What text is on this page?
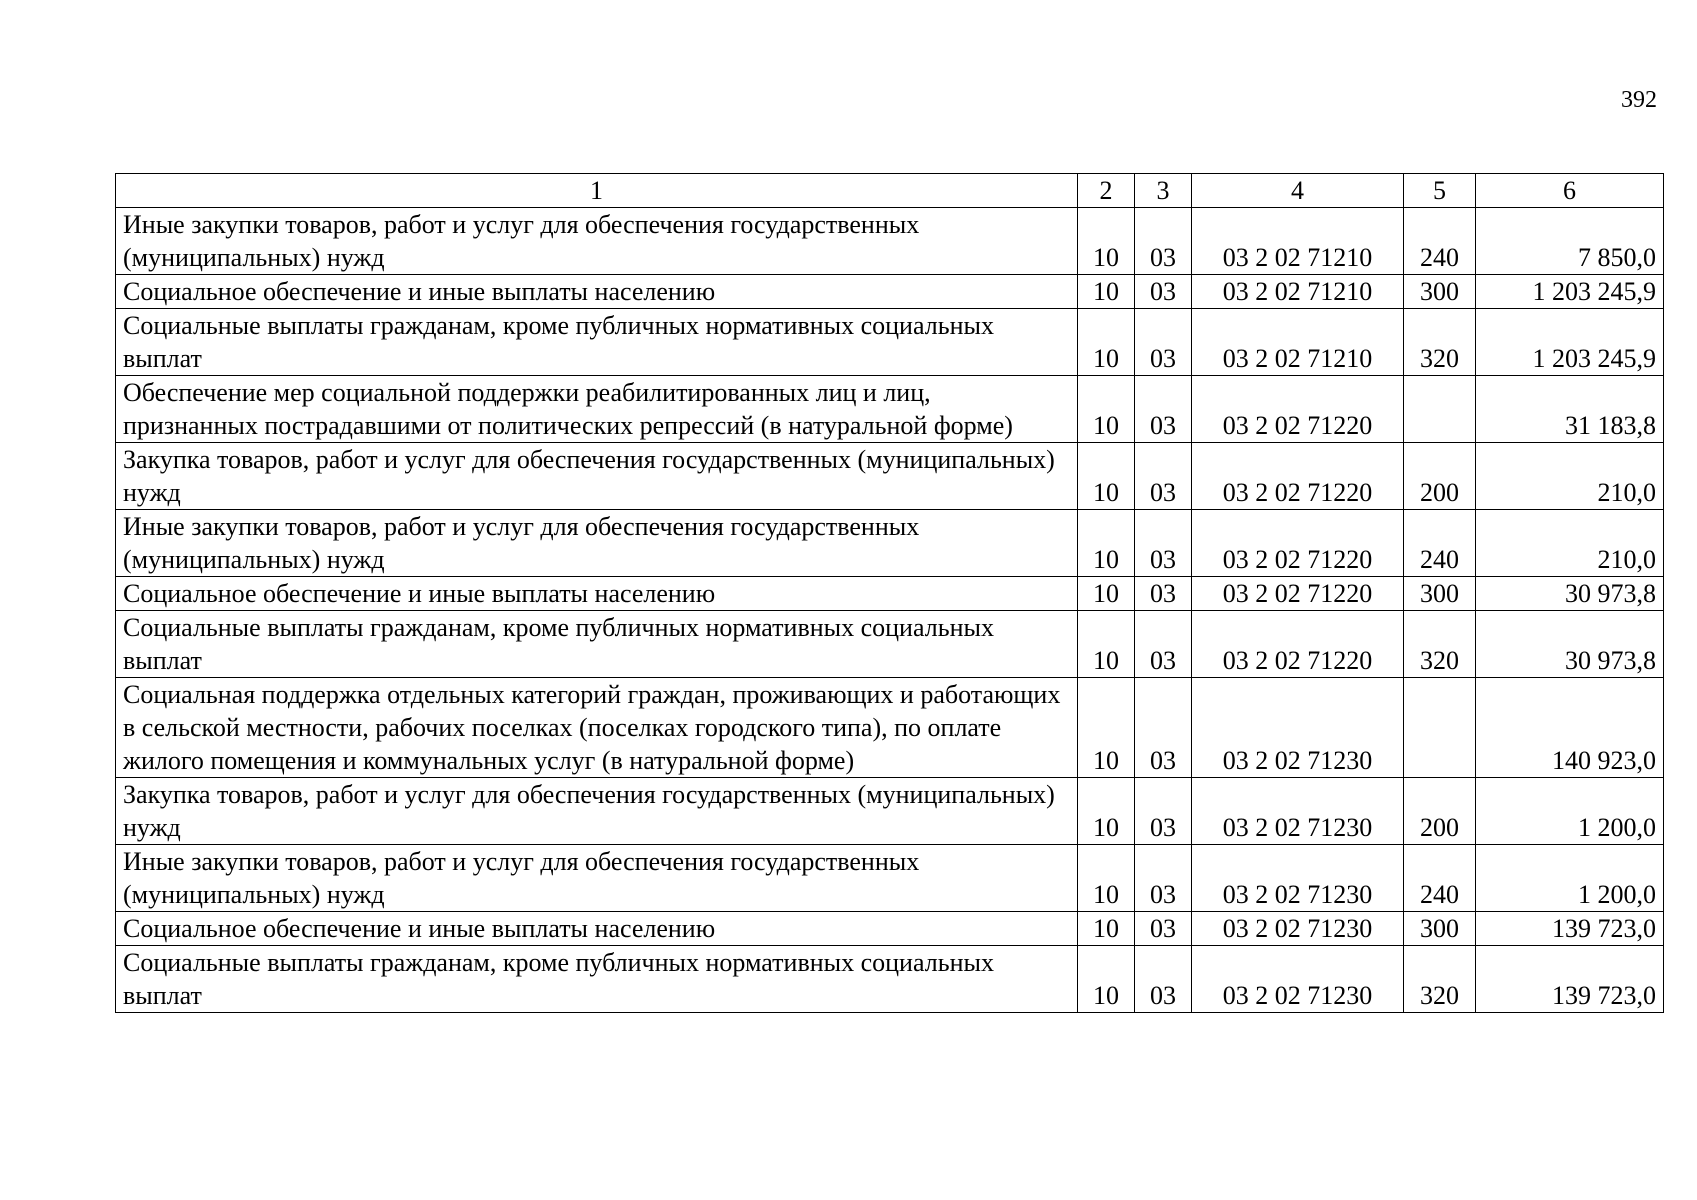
392
1	2	3	4	5	6
Иные закупки товаров, работ и услуг для обеспечения государственных (муниципальных) нужд	10	03	03 2 02 71210	240	7 850,0
Социальное обеспечение и иные выплаты населению	10	03	03 2 02 71210	300	1 203 245,9
Социальные выплаты гражданам, кроме публичных нормативных социальных выплат	10	03	03 2 02 71210	320	1 203 245,9
Обеспечение мер социальной поддержки реабилитированных лиц и лиц, признанных пострадавшими от политических репрессий (в натуральной форме)	10	03	03 2 02 71220		31 183,8
Закупка товаров, работ и услуг для обеспечения государственных (муниципальных) нужд	10	03	03 2 02 71220	200	210,0
Иные закупки товаров, работ и услуг для обеспечения государственных (муниципальных) нужд	10	03	03 2 02 71220	240	210,0
Социальное обеспечение и иные выплаты населению	10	03	03 2 02 71220	300	30 973,8
Социальные выплаты гражданам, кроме публичных нормативных социальных выплат	10	03	03 2 02 71220	320	30 973,8
Социальная поддержка отдельных категорий граждан, проживающих и работающих в сельской местности, рабочих поселках (поселках городского типа), по оплате жилого помещения и коммунальных услуг (в натуральной форме)	10	03	03 2 02 71230		140 923,0
Закупка товаров, работ и услуг для обеспечения государственных (муниципальных) нужд	10	03	03 2 02 71230	200	1 200,0
Иные закупки товаров, работ и услуг для обеспечения государственных (муниципальных) нужд	10	03	03 2 02 71230	240	1 200,0
Социальное обеспечение и иные выплаты населению	10	03	03 2 02 71230	300	139 723,0
Социальные выплаты гражданам, кроме публичных нормативных социальных выплат	10	03	03 2 02 71230	320	139 723,0
